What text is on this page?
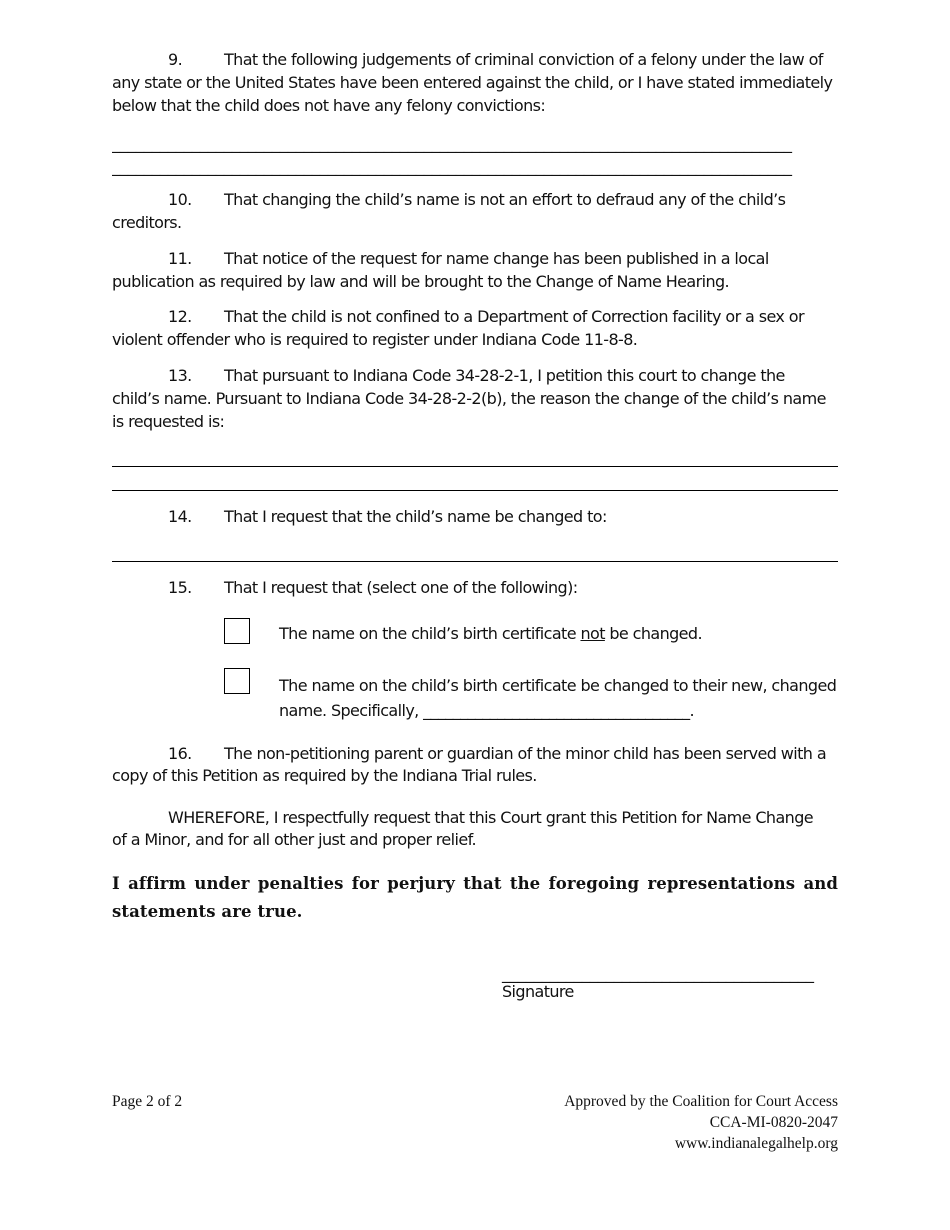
9.	That the following judgements of criminal conviction of a felony under the law of
any state or the United States have been entered against the child, or I have stated immediately
below that the child does not have any felony convictions:
_____________________________________________________________________________________
_____________________________________________________________________________________
10. That changing the child’s name is not an effort to defraud any of the child’s
creditors.
11. That notice of the request for name change has been published in a local
publication as required by law and will be brought to the Change of Name Hearing.
12. That the child is not confined to a Department of Correction facility or a sex or
violent offender who is required to register under Indiana Code 11-8-8.
13. That pursuant to Indiana Code 34-28-2-1, I petition this court to change the
child’s name. Pursuant to Indiana Code 34-28-2-2(b), the reason the change of the child’s name
is requested is:
14. That I request that the child’s name be changed to:
15. That I request that (select one of the following):
The name on the child’s birth certificate not be changed.
The name on the child’s birth certificate be changed to their new, changed
name. Specifically, ____________________________________.
16. The non-petitioning parent or guardian of the minor child has been served with a
copy of this Petition as required by the Indiana Trial rules.
WHEREFORE, I respectfully request that this Court grant this Petition for Name Change
of a Minor, and for all other just and proper relief.
I affirm under penalties for perjury that the foregoing representations and statements are true.
_______________________________________
Signature
Page 2 of 2	Approved by the Coalition for Court Access
CCA-MI-0820-2047
www.indianalegalhelp.org
